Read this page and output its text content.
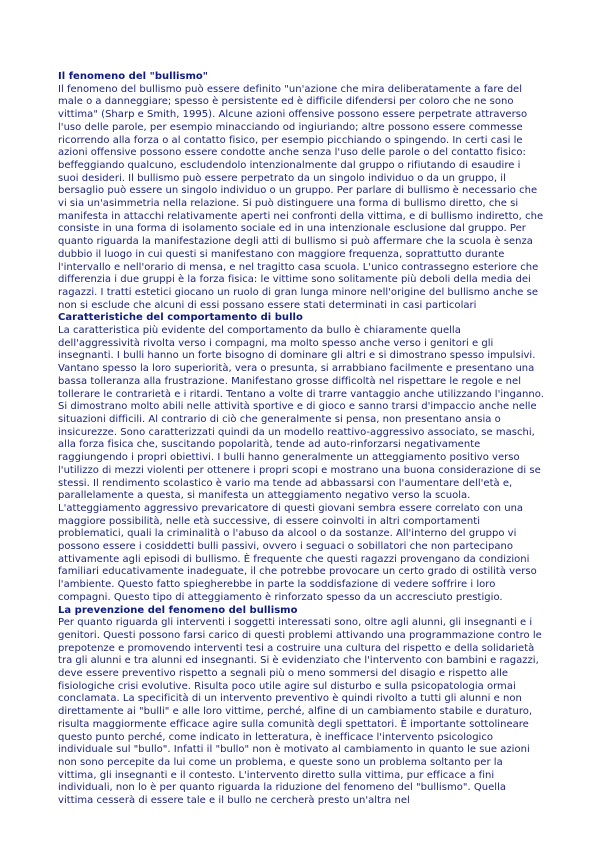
Il fenomeno del "bullismo"

Il fenomeno del bullismo può essere definito "un'azione che mira deliberatamente a fare del male o a danneggiare; spesso è persistente ed è difficile difendersi per coloro che ne sono vittima" (Sharp e Smith, 1995). Alcune azioni offensive possono essere perpetrate attraverso l'uso delle parole, per esempio minacciando od ingiuriando; altre possono essere commesse ricorrendo alla forza o al contatto fisico, per esempio picchiando o spingendo. In certi casi le azioni offensive possono essere condotte anche senza l'uso delle parole o del contatto fisico: beffeggiando qualcuno, escludendolo intenzionalmente dal gruppo o rifiutando di esaudire i suoi desideri. Il bullismo può essere perpetrato da un singolo individuo o da un gruppo, il bersaglio può essere un singolo individuo o un gruppo. Per parlare di bullismo è necessario che vi sia un'asimmetria nella relazione. Si può distinguere una forma di bullismo diretto, che si manifesta in attacchi relativamente aperti nei confronti della vittima, e di bullismo indiretto, che consiste in una forma di isolamento sociale ed in una intenzionale esclusione dal gruppo. Per quanto riguarda la manifestazione degli atti di bullismo si può affermare che la scuola è senza dubbio il luogo in cui questi si manifestano con maggiore frequenza, soprattutto durante l'intervallo e nell'orario di mensa, e nel tragitto casa scuola. L'unico contrassegno esteriore che differenzia i due gruppi è la forza fisica: le vittime sono solitamente più deboli della media dei ragazzi. I tratti estetici giocano un ruolo di gran lunga minore nell'origine del bullismo anche se non si esclude che alcuni di essi possano essere stati determinati in casi particolari

Caratteristiche del comportamento di bullo

La caratteristica più evidente del comportamento da bullo è chiaramente quella dell'aggressività rivolta verso i compagni, ma molto spesso anche verso i genitori e gli insegnanti. I bulli hanno un forte bisogno di dominare gli altri e si dimostrano spesso impulsivi. Vantano spesso la loro superiorità, vera o presunta, si arrabbiano facilmente e presentano una bassa tolleranza alla frustrazione. Manifestano grosse difficoltà nel rispettare le regole e nel tollerare le contrarietà e i ritardi. Tentano a volte di trarre vantaggio anche utilizzando l'inganno. Si dimostrano molto abili nelle attività sportive e di gioco e sanno trarsi d'impaccio anche nelle situazioni difficili. Al contrario di ciò che generalmente si pensa, non presentano ansia o insicurezze. Sono caratterizzati quindi da un modello reattivo-aggressivo associato, se maschi, alla forza fisica che, suscitando popolarità, tende ad auto-rinforzarsi negativamente raggiungendo i propri obiettivi. I bulli hanno generalmente un atteggiamento positivo verso l'utilizzo di mezzi violenti per ottenere i propri scopi e mostrano una buona considerazione di se stessi. Il rendimento scolastico è vario ma tende ad abbassarsi con l'aumentare dell'età e, parallelamente a questa, si manifesta un atteggiamento negativo verso la scuola. L'atteggiamento aggressivo prevaricatore di questi giovani sembra essere correlato con una maggiore possibilità, nelle età successive, di essere coinvolti in altri comportamenti problematici, quali la criminalità o l'abuso da alcool o da sostanze. All'interno del gruppo vi possono essere i cosiddetti bulli passivi, ovvero i seguaci o sobillatori che non partecipano attivamente agli episodi di bullismo. È frequente che questi ragazzi provengano da condizioni familiari educativamente inadeguate, il che potrebbe provocare un certo grado di ostilità verso l'ambiente. Questo fatto spiegherebbe in parte la soddisfazione di vedere soffrire i loro compagni. Questo tipo di atteggiamento è rinforzato spesso da un accresciuto prestigio.

La prevenzione del fenomeno del bullismo

Per quanto riguarda gli interventi i soggetti interessati sono, oltre agli alunni, gli insegnanti e i genitori. Questi possono farsi carico di questi problemi attivando una programmazione contro le prepotenze e promovendo interventi tesi a costruire una cultura del rispetto e della solidarietà tra gli alunni e tra alunni ed insegnanti. Si è evidenziato che l'intervento con bambini e ragazzi, deve essere preventivo rispetto a segnali più o meno sommersi del disagio e rispetto alle fisiologiche crisi evolutive. Risulta poco utile agire sul disturbo e sulla psicopatologia ormai conclamata. La specificità di un intervento preventivo è quindi rivolto a tutti gli alunni e non direttamente ai "bulli" e alle loro vittime, perché, alfine di un cambiamento stabile e duraturo, risulta maggiormente efficace agire sulla comunità degli spettatori. È importante sottolineare questo punto perché, come indicato in letteratura, è inefficace l'intervento psicologico individuale sul "bullo". Infatti il "bullo" non è motivato al cambiamento in quanto le sue azioni non sono percepite da lui come un problema, e queste sono un problema soltanto per la vittima, gli insegnanti e il contesto. L'intervento diretto sulla vittima, pur efficace a fini individuali, non lo è per quanto riguarda la riduzione del fenomeno del "bullismo". Quella vittima cesserà di essere tale e il bullo ne cercherà presto un'altra nel
